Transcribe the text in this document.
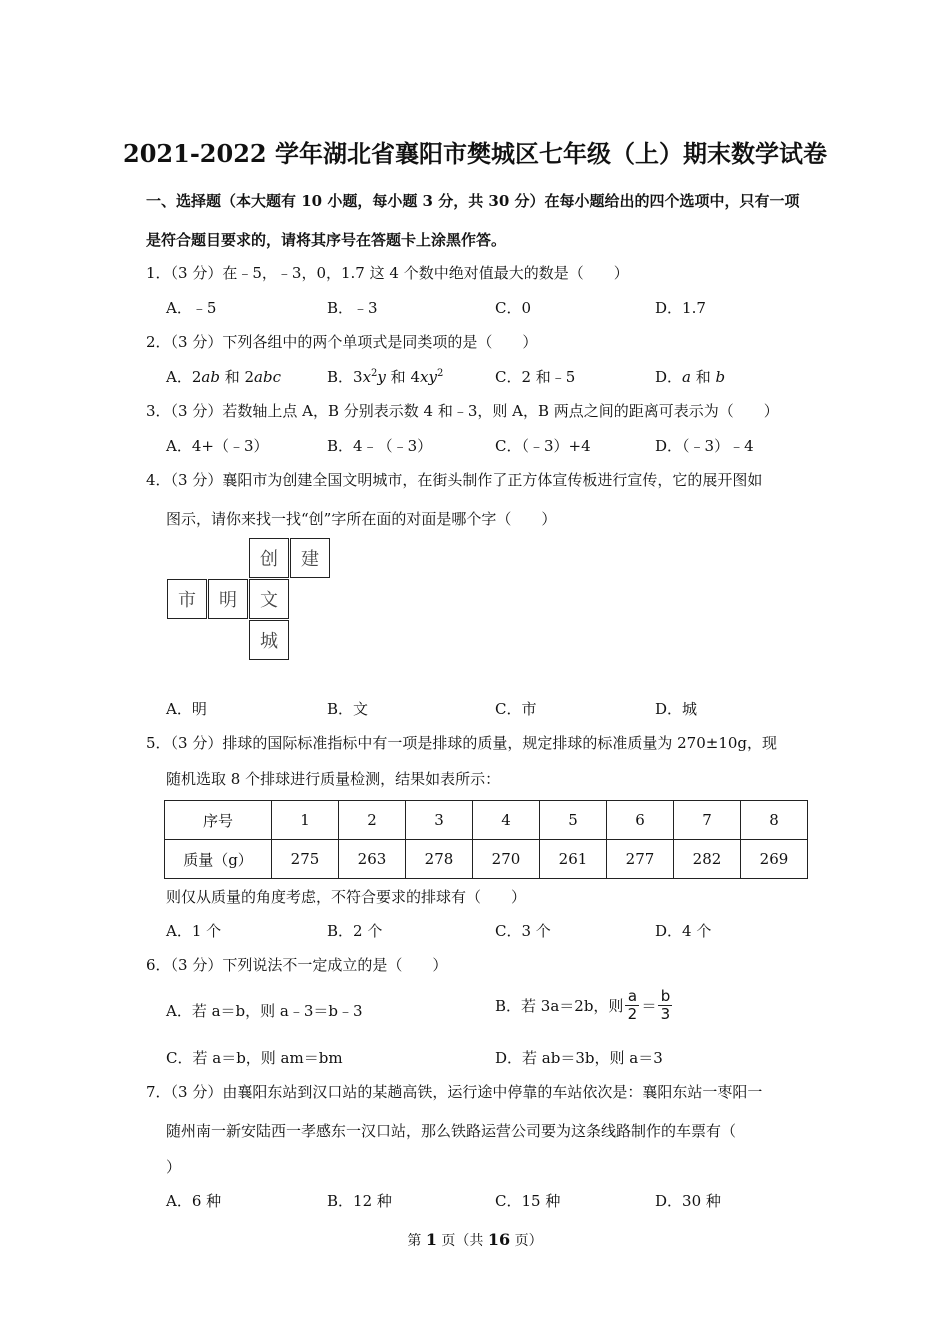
2021-2022 学年湖北省襄阳市樊城区七年级（上）期末数学试卷
一、选择题（本大题有 10 小题，每小题 3 分，共 30 分）在每小题给出的四个选项中，只有一项
是符合题目要求的，请将其序号在答题卡上涂黑作答。
1．（3 分）在﹣5，﹣3，0，1.7 这 4 个数中绝对值最大的数是（　　）
A．﹣5	B．﹣3	C．0	D．1.7
2．（3 分）下列各组中的两个单项式是同类项的是（　　）
A．2ab 和 2abc	B．$3x^2y$ 和 $4xy^2$	C．2 和﹣5	D．a 和 b
3．（3 分）若数轴上点 A，B 分别表示数 4 和﹣3，则 A，B 两点之间的距离可表示为（　　）
A．4+（﹣3）	B．4﹣（﹣3）	C．（﹣3）+4	D．（﹣3）﹣4
4．（3 分）襄阳市为创建全国文明城市，在街头制作了正方体宣传板进行宣传，它的展开图如
图示，请你来找一找“创”字所在面的对面是哪个字（　　）
创	建
市	明	文
城
A．明	B．文	C．市	D．城
5．（3 分）排球的国际标准指标中有一项是排球的质量，规定排球的标准质量为 270±10g，现
随机选取 8 个排球进行质量检测，结果如表所示：
序号	1	2	3	4	5	6	7	8
质量（g）	275	263	278	270	261	277	282	269
则仅从质量的角度考虑，不符合要求的排球有（　　）
A．1 个	B．2 个	C．3 个	D．4 个
6．（3 分）下列说法不一定成立的是（　　）
A．若 a＝b，则 a﹣3＝b﹣3	B．若 3a＝2b，则 $\frac{a}{2} = \frac{b}{3}$
C．若 a＝b，则 am＝bm	D．若 ab＝3b，则 a＝3
7．（3 分）由襄阳东站到汉口站的某趟高铁，运行途中停靠的车站依次是：襄阳东站一枣阳一
随州南一新安陆西一孝感东一汉口站，那么铁路运营公司要为这条线路制作的车票有（
）
A．6 种	B．12 种	C．15 种	D．30 种
第 1 页（共 16 页）
